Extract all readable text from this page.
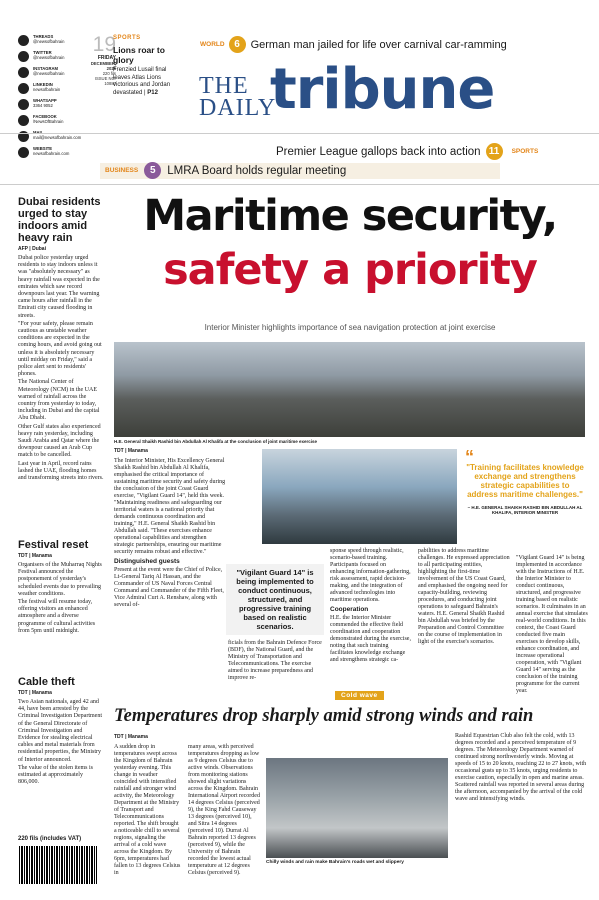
THREADS
@newsofbahrain
TWITTER
@newsofbahrain
INSTAGRAM
@newsofbahrain
LINKEDIN
newsofbahrain
WHATSAPP
3364 9052
FACEBOOK
/NewsOfBahrain
mail@newsofbahrain.com
WEBSITE
newsofbahrain.com
19
FRIDAY
DECEMBER, 2025
220 fils
ISSUE NO. 10887
SPORTS
Lions roar to glory
Frenzied Lusail final leaves Atlas Lions victorious and Jordan devastated | P12
WORLD 6 German man jailed for life over carnival car-ramming
THE
DAILY
tribune
Premier League gallops back into action 11	SPORTS
BUSINESS	5	LMRA Board holds regular meeting
Dubai residents urged to stay indoors amid heavy rain
AFP | Dubai

Dubai police yesterday urged residents to stay indoors unless it was "absolutely necessary" as heavy rainfall was expected in the emirates which saw record downpours last year. The warning came hours after rainfall in the Emirati city caused flooding in streets.

"For your safety, please remain cautious as unstable weather conditions are expected in the coming hours, and avoid going out unless it is absolutely necessary until midday on Friday," said a police alert sent to residents' phones.

The National Center of Meteorology (NCM) in the UAE warned of rainfall across the country from yesterday to today, including in Dubai and the capital Abu Dhabi.

Other Gulf states also experienced heavy rain yesterday, including Saudi Arabia and Qatar where the downpour caused an Arab Cup match to be cancelled.

Last year in April, record rains lashed the UAE, flooding homes and transforming streets into rivers.

Festival reset
TDT | Manama

Organisers of the Muharraq Nights Festival announced the postponement of yesterday's scheduled events due to prevailing weather conditions.

The festival will resume today, offering visitors an enhanced atmosphere and a diverse programme of cultural activities from 5pm until midnight.

Cable theft
TDT | Manama

Two Asian nationals, aged 42 and 44, have been arrested by the Criminal Investigation Department of the General Directorate of Criminal Investigation and Evidence for stealing electrical cables and metal materials from residential properties, the Ministry of Interior announced.

The value of the stolen items is estimated at approximately 806,000.

220 fils (includes VAT)
Maritime security,
safety a priority
Interior Minister highlights importance of sea navigation protection at joint exercise
H.E. General Shaikh Rashid bin Abdullah Al Khalifa at the conclusion of joint maritime exercise
TDT | Manama
The Interior Minister, His Excellency General Shaikh Rashid bin Abdullah Al Khalifa, emphasised the critical importance of sustaining maritime security and safety during the conclusion of the joint Coast Guard exercise, "Vigilant Guard 14", held this week. "Maintaining readiness and safeguarding our territorial waters is a national priority that demands continuous coordination and training," H.E. General Shaikh Rashid bin Abdullah said. "These exercises enhance operational capabilities and strengthen strategic partnerships, ensuring our maritime security remains robust and effective."
Distinguished guests
Present at the event were the Chief of Police, Lt-General Tariq Al Hassan, and the Commander of US Naval Forces Central Command and Commander of the Fifth Fleet, Vice Admiral Curt A. Renshaw, along with several of-
"Vigilant Guard 14" is being implemented to conduct continuous, structured, and progressive training based on realistic scenarios.
ficials from the Bahrain Defence Force (BDF), the National Guard, and the Ministry of Transportation and Telecommunications. The exercise aimed to increase preparedness and improve re-
sponse speed through realistic, scenario-based training. Participants focused on enhancing information-gathering, risk assessment, rapid decision-making, and the integration of advanced technologies into maritime operations.
Cooperation
H.E. the Interior Minister commended the effective field coordination and cooperation demonstrated during the exercise, noting that such training facilitates knowledge exchange and strengthens strategic ca-
pabilities to address maritime challenges. He expressed appreciation to all participating entities, highlighting the first-time involvement of the US Coast Guard, and emphasised the ongoing need for capacity-building, reviewing procedures, and conducting joint operations to safeguard Bahrain's waters. H.E. General Shaikh Rashid bin Abdullah was briefed by the Preparation and Control Committee on the course of implementation in light of the exercise's scenarios.
"Vigilant Guard 14" is being implemented in accordance with the Instructions of H.E. the Interior Minister to conduct continuous, structured, and progressive training based on realistic scenarios. It culminates in an annual exercise that simulates real-world conditions. In this context, the Coast Guard conducted five main exercises to develop skills, enhance coordination, and increase operational cooperation, with "Vigilant Guard 14" serving as the conclusion of the training programme for the current year.
“
"Training facilitates knowledge exchange and strengthens strategic capabilities to address maritime challenges."
– H.E. GENERAL SHAIKH RASHID BIN ABDULLAH AL KHALIFA, INTERIOR MINISTER
Cold wave
Temperatures drop sharply amid strong winds and rain
TDT | Manama
A sudden drop in temperatures swept across the Kingdom of Bahrain yesterday evening. This change in weather coincided with intensified rainfall and stronger wind activity, the Meteorology Department at the Ministry of Transport and Telecommunications reported. The shift brought a noticeable chill to several regions, signaling the arrival of a cold wave across the Kingdom. By 6pm, temperatures had fallen to 13 degrees Celsius in
many areas, with perceived temperatures dropping as low as 9 degrees Celsius due to active winds. Observations from monitoring stations showed slight variations across the Kingdom. Bahrain International Airport recorded 14 degrees Celsius (perceived 9), the King Fahd Causeway 13 degrees (perceived 10), and Sitra 14 degrees (perceived 10). Durrat Al Bahrain reported 13 degrees (perceived 9), while the University of Bahrain recorded the lowest actual temperature at 12 degrees Celsius (perceived 9).
Chilly winds and rain make Bahrain's roads wet and slippery
Rashid Equestrian Club also felt the cold, with 13 degrees recorded and a perceived temperature of 9 degrees. The Meteorology Department warned of continued strong northwesterly winds. Moving at speeds of 15 to 20 knots, reaching 22 to 27 knots, with occasional gusts up to 35 knots, urging residents to exercise caution, especially in open and marine areas. Scattered rainfall was reported in several areas during the afternoon, accompanied by the arrival of the cold wave and intensifying winds.
